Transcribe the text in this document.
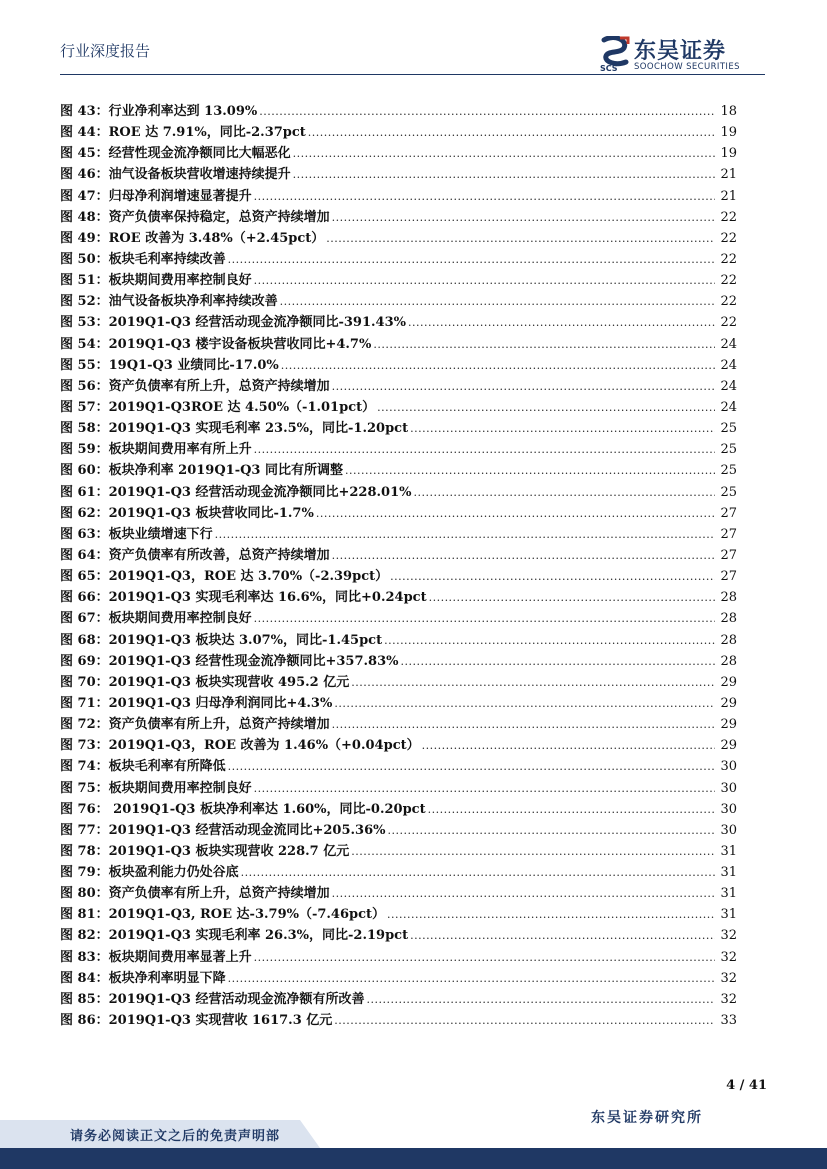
行业深度报告
SCS
东吴证券
SOOCHOW SECURITIES
图 43： 行业净利率达到 13.09% .....	18
图 44： ROE 达 7.91%，同比-2.37pct .....	19
图 45： 经营性现金流净额同比大幅恶化 .....	19
图 46： 油气设备板块营收增速持续提升 .....	21
图 47： 归母净利润增速显著提升 .....	21
图 48： 资产负债率保持稳定，总资产持续增加 .....	22
图 49： ROE 改善为 3.48%（+2.45pct） .....	22
图 50： 板块毛利率持续改善 .....	22
图 51： 板块期间费用率控制良好 .....	22
图 52： 油气设备板块净利率持续改善 .....	22
图 53： 2019Q1-Q3 经营活动现金流净额同比-391.43% .....	22
图 54： 2019Q1-Q3 楼宇设备板块营收同比+4.7% .....	24
图 55： 19Q1-Q3 业绩同比-17.0% .....	24
图 56： 资产负债率有所上升，总资产持续增加 .....	24
图 57： 2019Q1-Q3ROE 达 4.50%（-1.01pct） .....	24
图 58： 2019Q1-Q3 实现毛利率 23.5%，同比-1.20pct .....	25
图 59： 板块期间费用率有所上升 .....	25
图 60： 板块净利率 2019Q1-Q3 同比有所调整 .....	25
图 61： 2019Q1-Q3 经营活动现金流净额同比+228.01% .....	25
图 62： 2019Q1-Q3 板块营收同比-1.7% .....	27
图 63： 板块业绩增速下行 .....	27
图 64： 资产负债率有所改善，总资产持续增加 .....	27
图 65： 2019Q1-Q3，ROE 达 3.70%（-2.39pct） .....	27
图 66： 2019Q1-Q3 实现毛利率达 16.6%，同比+0.24pct .....	28
图 67： 板块期间费用率控制良好 .....	28
图 68： 2019Q1-Q3 板块达 3.07%，同比-1.45pct .....	28
图 69： 2019Q1-Q3 经营性现金流净额同比+357.83% .....	28
图 70： 2019Q1-Q3 板块实现营收 495.2 亿元 .....	29
图 71： 2019Q1-Q3 归母净利润同比+4.3% .....	29
图 72： 资产负债率有所上升，总资产持续增加 .....	29
图 73： 2019Q1-Q3，ROE 改善为 1.46%（+0.04pct） .....	29
图 74： 板块毛利率有所降低 .....	30
图 75： 板块期间费用率控制良好 .....	30
图 76： 2019Q1-Q3 板块净利率达 1.60%，同比-0.20pct .....	30
图 77： 2019Q1-Q3 经营活动现金流同比+205.36% .....	30
图 78： 2019Q1-Q3 板块实现营收 228.7 亿元 .....	31
图 79： 板块盈利能力仍处谷底 .....	31
图 80： 资产负债率有所上升，总资产持续增加 .....	31
图 81： 2019Q1-Q3, ROE 达-3.79%（-7.46pct） .....	31
图 82： 2019Q1-Q3 实现毛利率 26.3%，同比-2.19pct .....	32
图 83： 板块期间费用率显著上升 .....	32
图 84： 板块净利率明显下降 .....	32
图 85： 2019Q1-Q3 经营活动现金流净额有所改善 .....	32
图 86： 2019Q1-Q3 实现营收 1617.3 亿元 .....	33
4 / 41
东吴证券研究所
请务必阅读正文之后的免责声明部
